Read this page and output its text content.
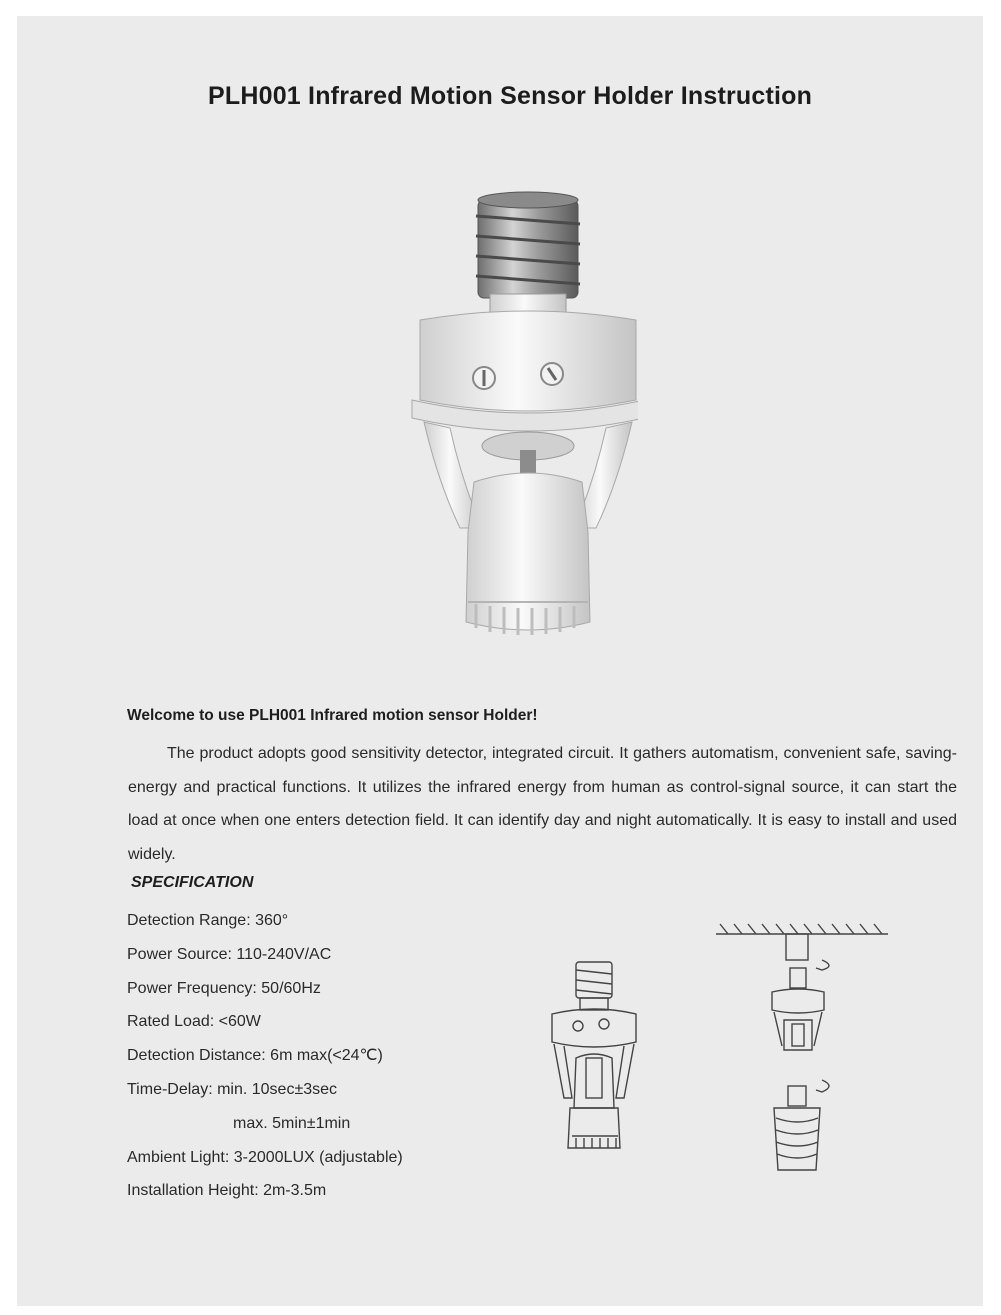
PLH001 Infrared Motion Sensor Holder Instruction

Welcome to use PLH001 Infrared motion sensor Holder!

The product adopts good sensitivity detector, integrated circuit. It gathers automatism, convenient safe, saving-energy and practical functions. It utilizes the infrared energy from human as control-signal source, it can start the load at once when one enters detection field. It can identify day and night automatically. It is easy to install and used widely.

SPECIFICATION

Detection Range: 360°
Power Source: 110-240V/AC
Power Frequency: 50/60Hz
Rated Load: <60W
Detection Distance: 6m max(<24℃)
Time-Delay: min. 10sec±3sec
max. 5min±1min
Ambient Light: 3-2000LUX (adjustable)
Installation Height: 2m-3.5m
